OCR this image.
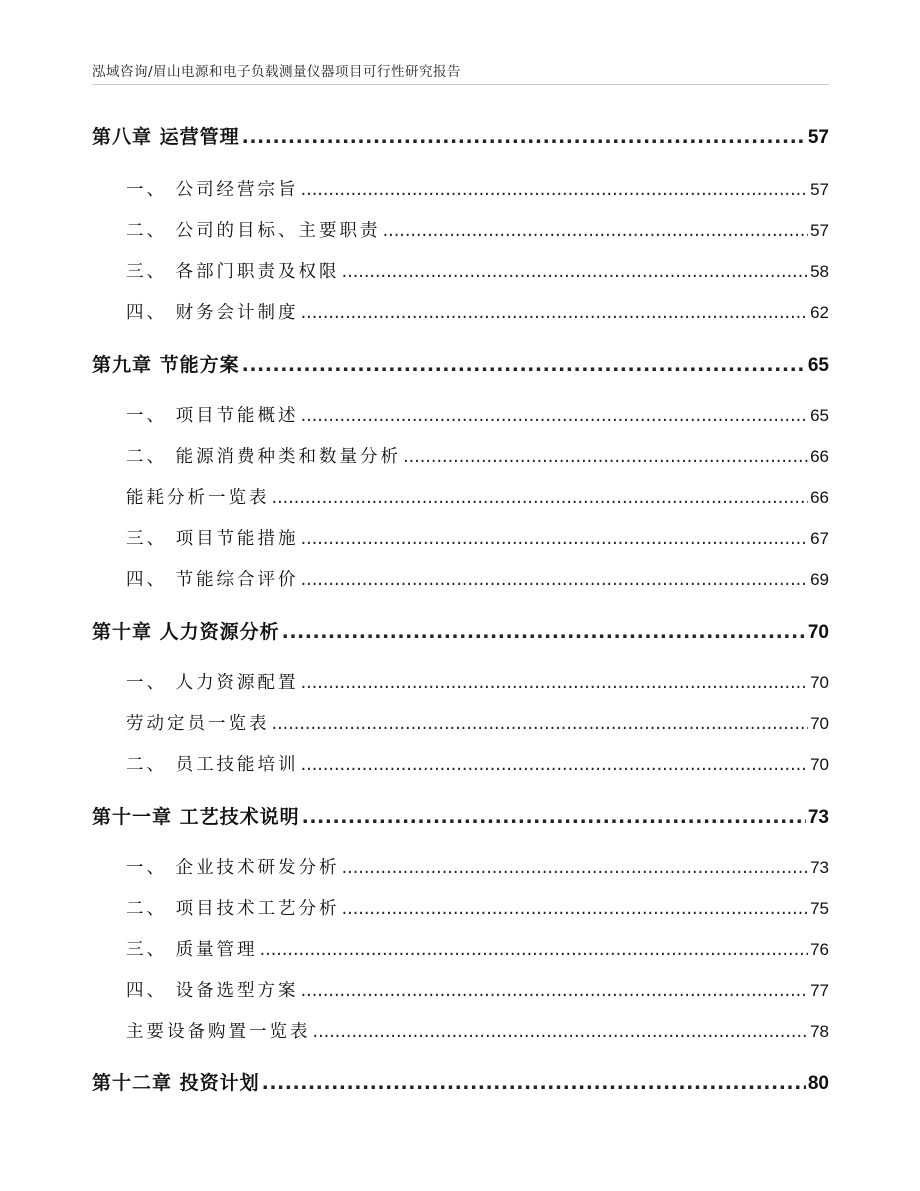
泓域咨询/眉山电源和电子负载测量仪器项目可行性研究报告
第八章 运营管理 .....	57
一、 公司经营宗旨 .....	57
二、 公司的目标、主要职责 .....	57
三、 各部门职责及权限 .....	58
四、 财务会计制度 .....	62
第九章 节能方案 .....	65
一、 项目节能概述 .....	65
二、 能源消费种类和数量分析 .....	66
能耗分析一览表 .....	66
三、 项目节能措施 .....	67
四、 节能综合评价 .....	69
第十章 人力资源分析 .....	70
一、 人力资源配置 .....	70
劳动定员一览表 .....	70
二、 员工技能培训 .....	70
第十一章 工艺技术说明 .....	73
一、 企业技术研发分析 .....	73
二、 项目技术工艺分析 .....	75
三、 质量管理 .....	76
四、 设备选型方案 .....	77
主要设备购置一览表 .....	78
第十二章 投资计划 .....	80
